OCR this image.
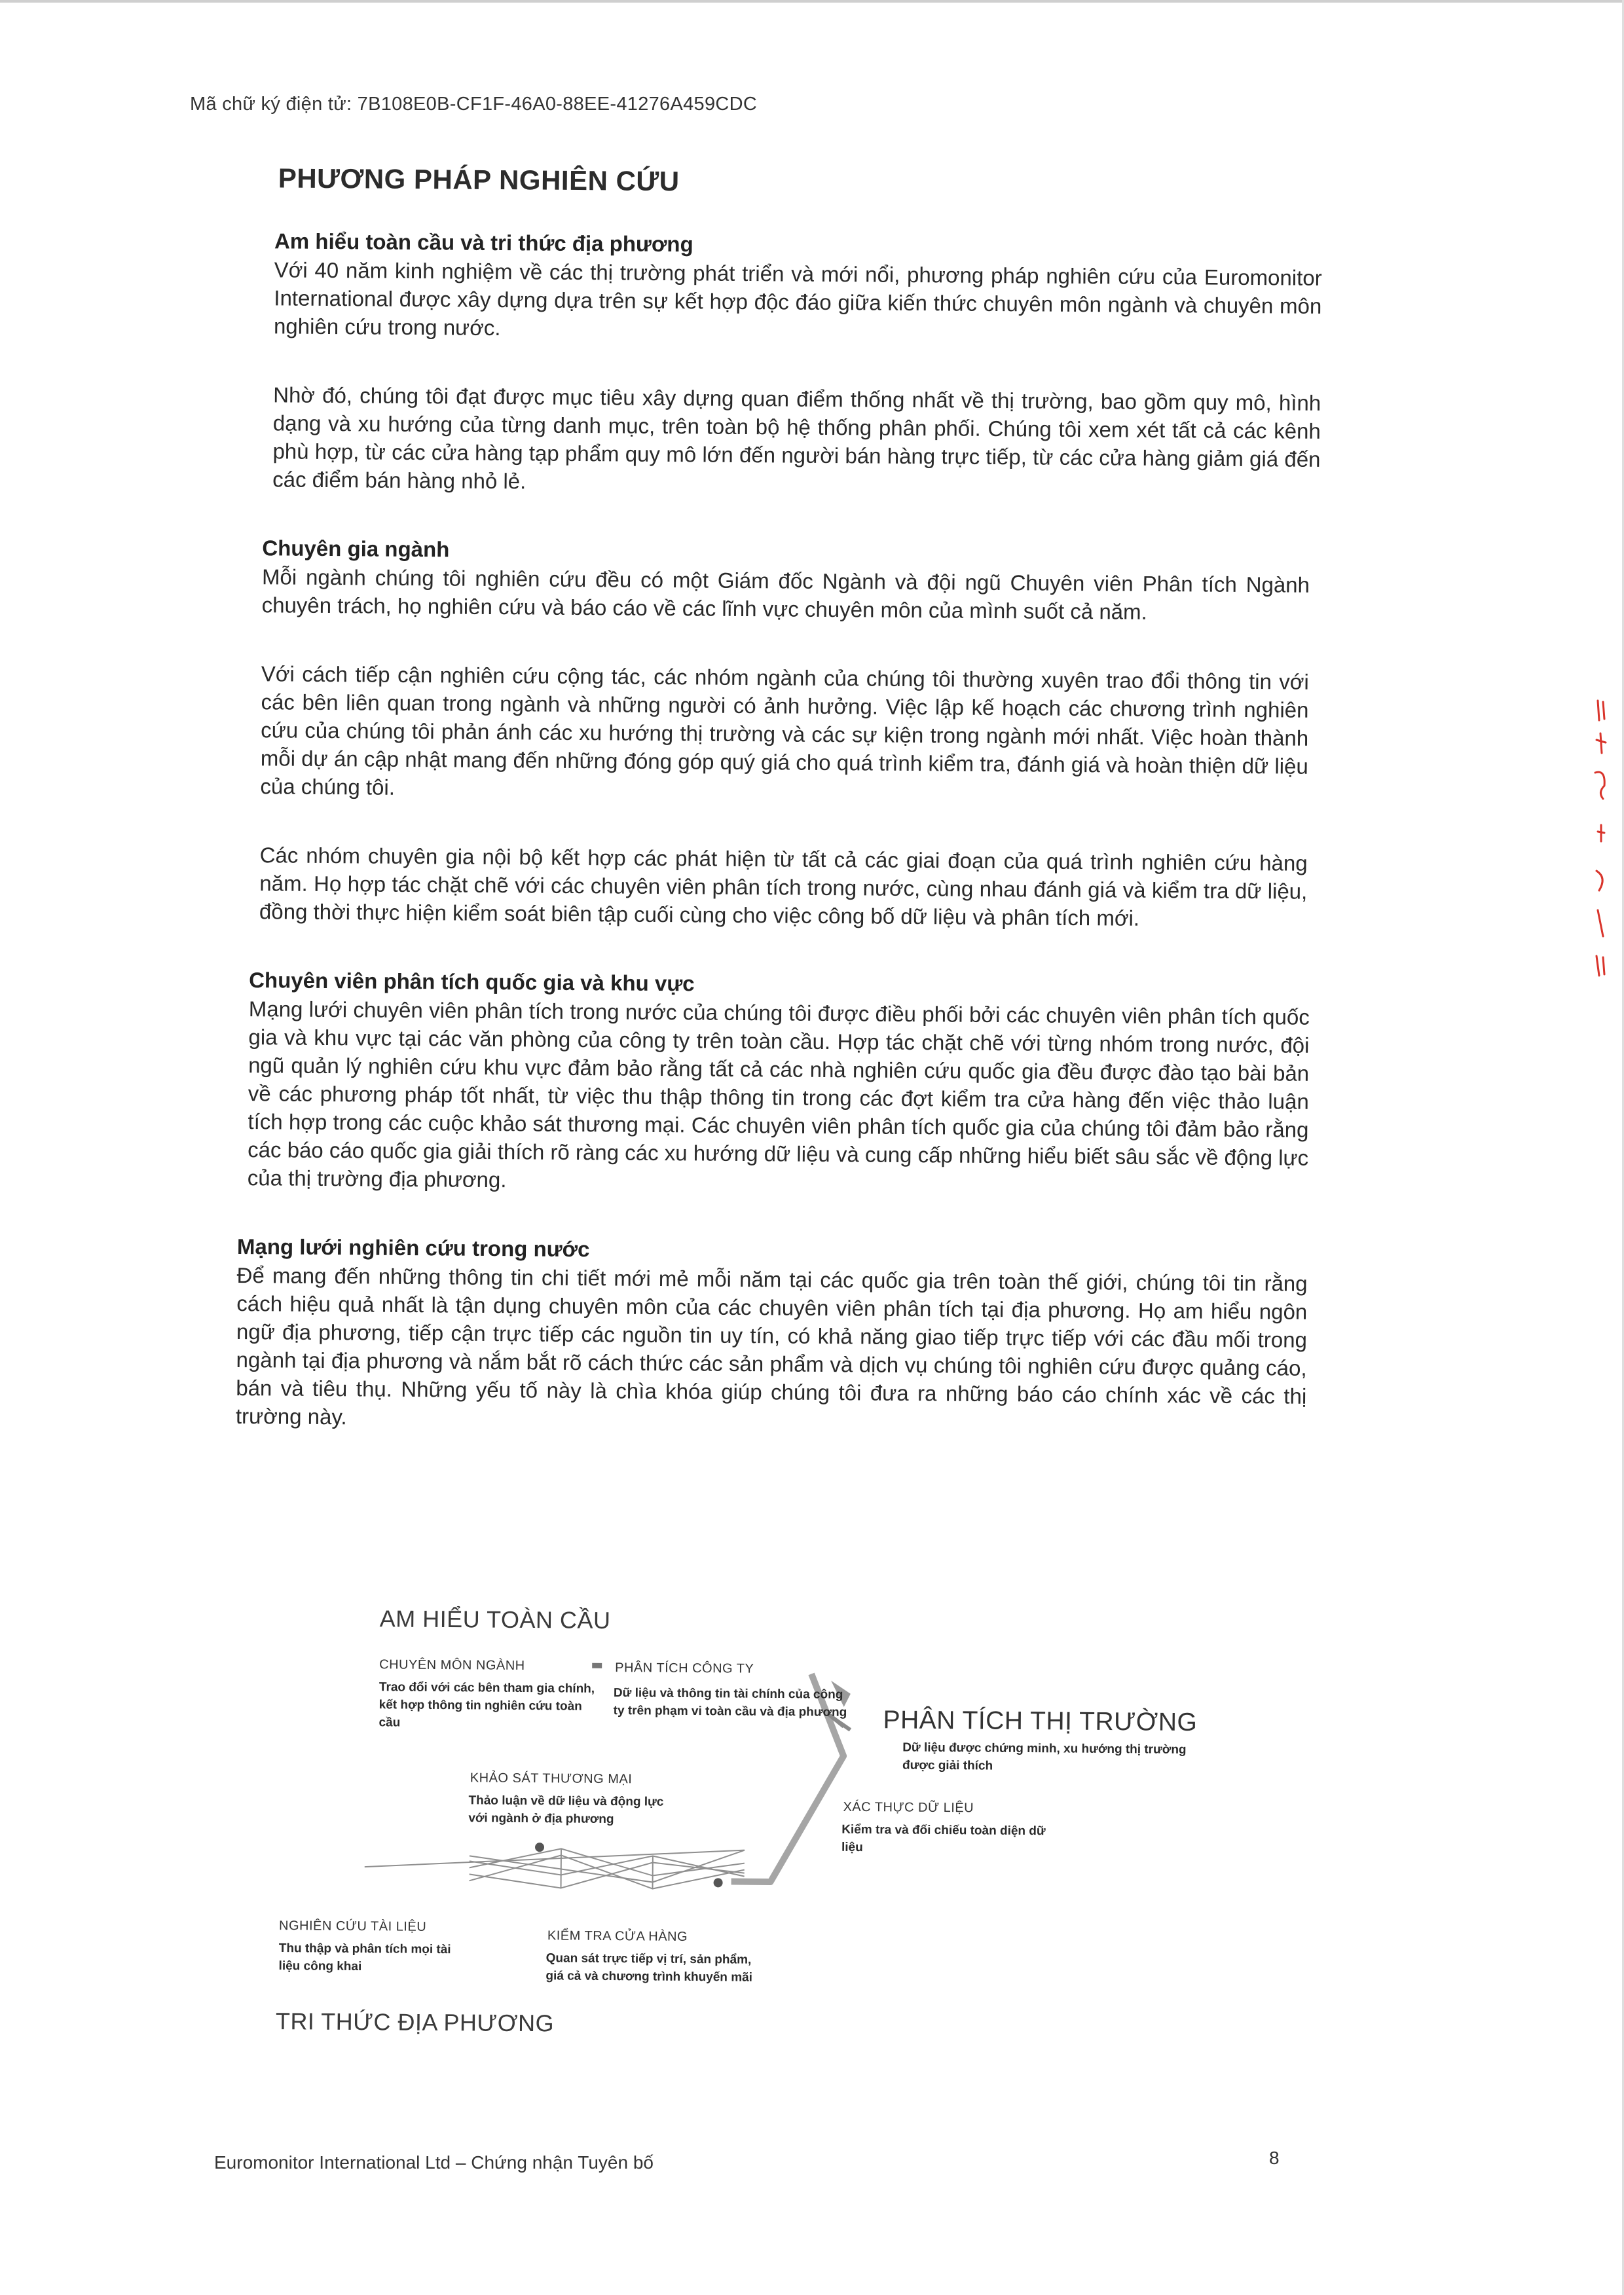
Mã chữ ký điện tử: 7B108E0B-CF1F-46A0-88EE-41276A459CDC
PHƯƠNG PHÁP NGHIÊN CỨU

Am hiểu toàn cầu và tri thức địa phương

Với 40 năm kinh nghiệm về các thị trường phát triển và mới nổi, phương pháp nghiên cứu của Euromonitor International được xây dựng dựa trên sự kết hợp độc đáo giữa kiến thức chuyên môn ngành và chuyên môn nghiên cứu trong nước.

Nhờ đó, chúng tôi đạt được mục tiêu xây dựng quan điểm thống nhất về thị trường, bao gồm quy mô, hình dạng và xu hướng của từng danh mục, trên toàn bộ hệ thống phân phối. Chúng tôi xem xét tất cả các kênh phù hợp, từ các cửa hàng tạp phẩm quy mô lớn đến người bán hàng trực tiếp, từ các cửa hàng giảm giá đến các điểm bán hàng nhỏ lẻ.

Chuyên gia ngành

Mỗi ngành chúng tôi nghiên cứu đều có một Giám đốc Ngành và đội ngũ Chuyên viên Phân tích Ngành chuyên trách, họ nghiên cứu và báo cáo về các lĩnh vực chuyên môn của mình suốt cả năm.

Với cách tiếp cận nghiên cứu cộng tác, các nhóm ngành của chúng tôi thường xuyên trao đổi thông tin với các bên liên quan trong ngành và những người có ảnh hưởng. Việc lập kế hoạch các chương trình nghiên cứu của chúng tôi phản ánh các xu hướng thị trường và các sự kiện trong ngành mới nhất. Việc hoàn thành mỗi dự án cập nhật mang đến những đóng góp quý giá cho quá trình kiểm tra, đánh giá và hoàn thiện dữ liệu của chúng tôi.

Các nhóm chuyên gia nội bộ kết hợp các phát hiện từ tất cả các giai đoạn của quá trình nghiên cứu hàng năm. Họ hợp tác chặt chẽ với các chuyên viên phân tích trong nước, cùng nhau đánh giá và kiểm tra dữ liệu, đồng thời thực hiện kiểm soát biên tập cuối cùng cho việc công bố dữ liệu và phân tích mới.

Chuyên viên phân tích quốc gia và khu vực

Mạng lưới chuyên viên phân tích trong nước của chúng tôi được điều phối bởi các chuyên viên phân tích quốc gia và khu vực tại các văn phòng của công ty trên toàn cầu. Hợp tác chặt chẽ với từng nhóm trong nước, đội ngũ quản lý nghiên cứu khu vực đảm bảo rằng tất cả các nhà nghiên cứu quốc gia đều được đào tạo bài bản về các phương pháp tốt nhất, từ việc thu thập thông tin trong các đợt kiểm tra cửa hàng đến việc thảo luận tích hợp trong các cuộc khảo sát thương mại. Các chuyên viên phân tích quốc gia của chúng tôi đảm bảo rằng các báo cáo quốc gia giải thích rõ ràng các xu hướng dữ liệu và cung cấp những hiểu biết sâu sắc về động lực của thị trường địa phương.

Mạng lưới nghiên cứu trong nước

Để mang đến những thông tin chi tiết mới mẻ mỗi năm tại các quốc gia trên toàn thế giới, chúng tôi tin rằng cách hiệu quả nhất là tận dụng chuyên môn của các chuyên viên phân tích tại địa phương. Họ am hiểu ngôn ngữ địa phương, tiếp cận trực tiếp các nguồn tin uy tín, có khả năng giao tiếp trực tiếp với các đầu mối trong ngành tại địa phương và nắm bắt rõ cách thức các sản phẩm và dịch vụ chúng tôi nghiên cứu được quảng cáo, bán và tiêu thụ. Những yếu tố này là chìa khóa giúp chúng tôi đưa ra những báo cáo chính xác về các thị trường này.

AM HIỂU TOÀN CẦU
CHUYÊN MÔN NGÀNH
Trao đổi với các bên tham gia chính, kết hợp thông tin nghiên cứu toàn cầu
PHÂN TÍCH CÔNG TY
Dữ liệu và thông tin tài chính của công ty trên phạm vi toàn cầu và địa phương PHÂN TÍCH THỊ TRƯỜNG
Dữ liệu được chứng minh, xu hướng thị trường được giải thích
KHẢO SÁT THƯƠNG MẠI
Thảo luận về dữ liệu và động lực với ngành ở địa phương
XÁC THỰC DỮ LIỆU
Kiểm tra và đối chiếu toàn diện dữ liệu
NGHIÊN CỨU TÀI LIỆU
Thu thập và phân tích mọi tài liệu công khai
KIỂM TRA CỬA HÀNG
Quan sát trực tiếp vị trí, sản phẩm, giá cả và chương trình khuyến mãi
TRI THỨC ĐỊA PHƯƠNG
Euromonitor International Ltd – Chứng nhận Tuyên bố	8
